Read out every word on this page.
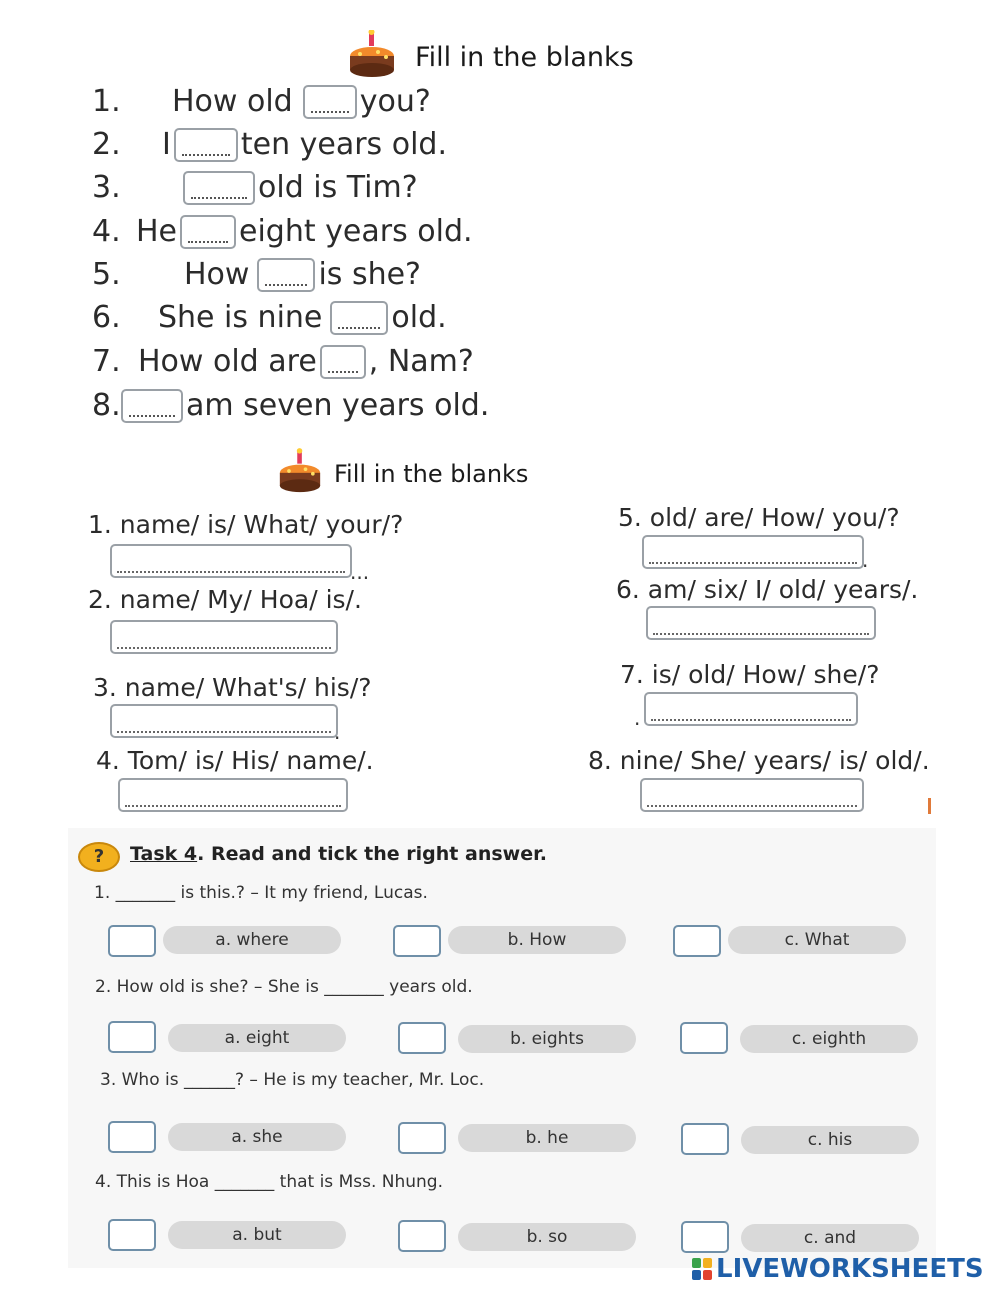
Fill in the blanks
1.	How old you?
2.	I ten years old.
3.	old is Tim?
4. He eight years old.
5.	How is she?
6.	She is nine old.
7. How old are , Nam?
8. am seven years old.
Fill in the blanks
1. name/ is/ What/ your/?
...
2. name/ My/ Hoa/ is/.
3. name/ What's/ his/?
.
4. Tom/ is/ His/ name/.
5. old/ are/ How/ you/?
.
6. am/ six/ I/ old/ years/.
7. is/ old/ How/ she/?
.
8. nine/ She/ years/ is/ old/.
?	Task 4. Read and tick the right answer.
1. _______ is this.? – It my friend, Lucas.
a. where	b. How	c. What
2. How old is she? – She is _______ years old.
a. eight	b. eights	c. eighth
3. Who is ______? – He is my teacher, Mr. Loc.
a. she	b. he	c. his
4. This is Hoa _______ that is Mss. Nhung.
a. but	b. so	c. and
LIVEWORKSHEETS
